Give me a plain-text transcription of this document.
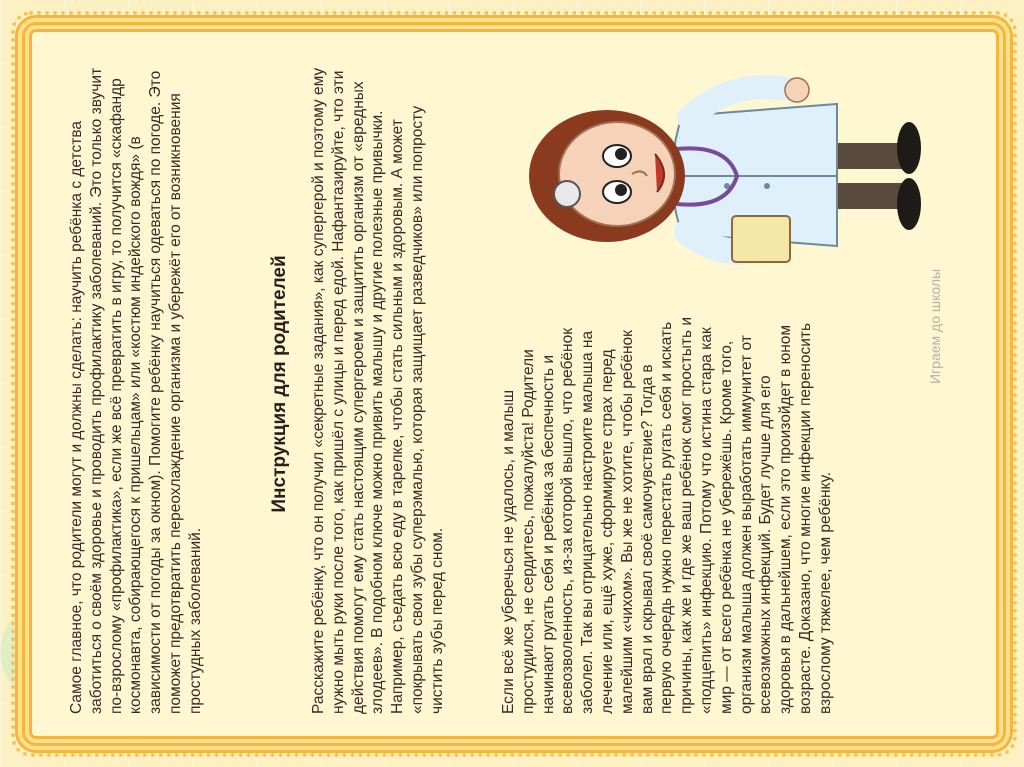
Самое главное, что родители могут и должны сделать: научить ребёнка с детства заботиться о своём здоровье и проводить профилактику заболеваний. Это только звучит по-взрослому «профилактика», если же всё превратить в игру, то получится «скафандр космонавта, собирающегося к пришельцам» или «костюм индейского вождя» (в зависимости от погоды за окном). Помогите ребёнку научиться одеваться по погоде. Это поможет предотвратить переохлаждение организма и убережёт его от возникновения простудных заболеваний.

Инструкция для родителей Расскажите ребёнку, что он получил «секретные задания», как супергерой и поэтому ему нужно мыть руки после того, как пришёл с улицы и перед едой. Нафантазируйте, что эти действия помогут ему стать настоящим супергероем и защитить организм от «вредных злодеев». В подобном ключе можно привить малышу и другие полезные привычки. Например, съедать всю еду в тарелке, чтобы стать сильным и здоровым. А может «покрывать свои зубы суперэмалью, которая защищает разведчиков» или попросту чистить зубы перед сном.	Если всё же уберечься не удалось, и малыш простудился, не сердитесь, пожалуйста! Родители начинают ругать себя и ребёнка за беспечность и всевозволенность, из-за которой вышло, что ребёнок заболел. Так вы отрицательно настроите малыша на лечение или, ещё хуже, сформируете страх перед малейшим «чихом». Вы же не хотите, чтобы ребёнок вам врал и скрывал своё самочувствие? Тогда в первую очередь нужно перестать ругать себя и искать причины, как же и где же ваш ребёнок смог простыть и «подцепить» инфекцию. Потому что истина стара как мир — от всего ребёнка не убережёшь. Кроме того, организм малыша должен выработать иммунитет от всевозможных инфекций. Будет лучше для его здоровья в дальнейшем, если это произойдет в юном возрасте. Доказано, что многие инфекции переносить взрослому тяжелее, чем ребёнку.

Играем до школы
